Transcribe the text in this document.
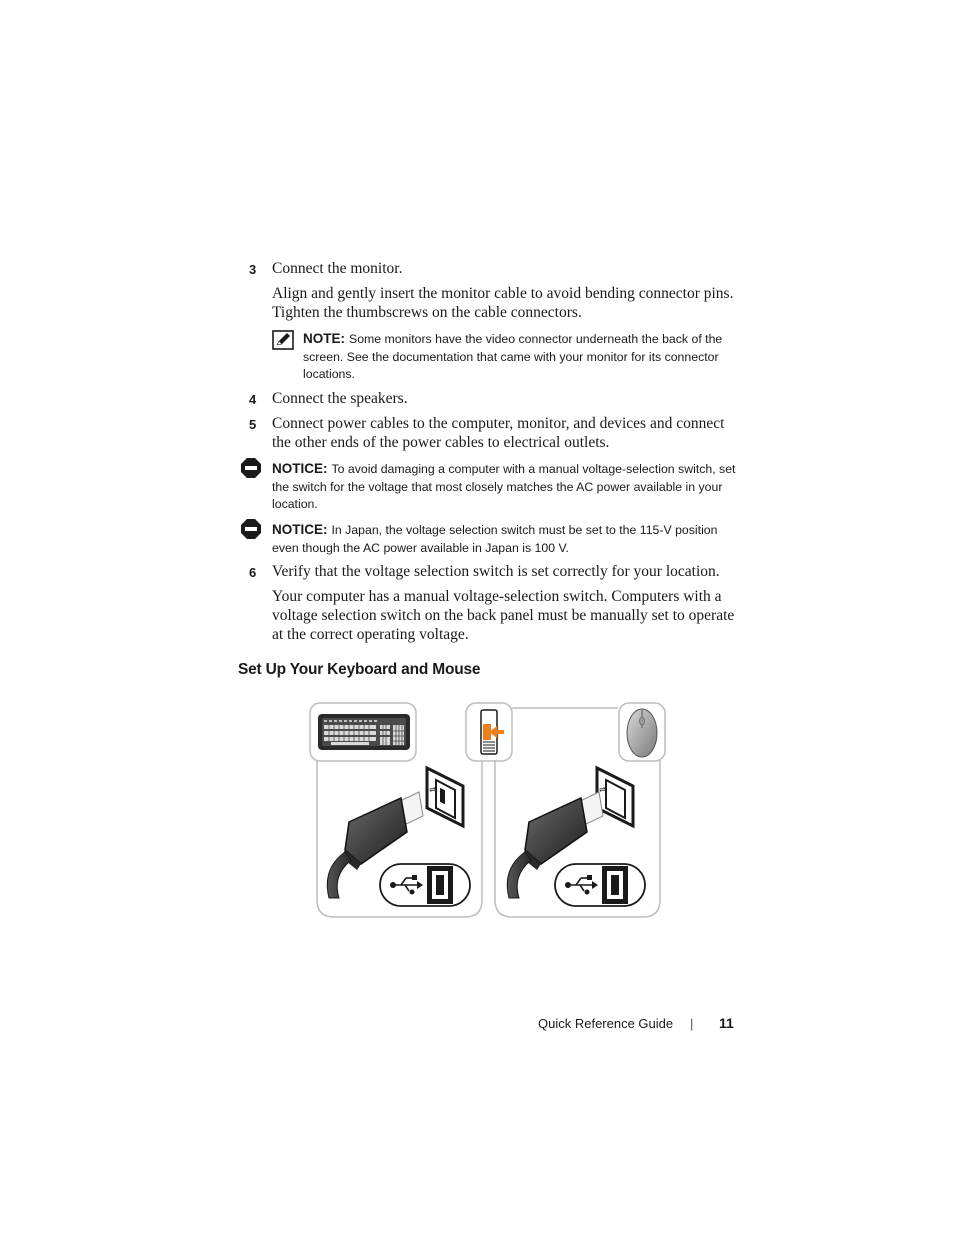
3 Connect the monitor.
Align and gently insert the monitor cable to avoid bending connector pins. Tighten the thumbscrews on the cable connectors.
NOTE: Some monitors have the video connector underneath the back of the screen. See the documentation that came with your monitor for its connector locations.
4 Connect the speakers.
5 Connect power cables to the computer, monitor, and devices and connect the other ends of the power cables to electrical outlets.
NOTICE: To avoid damaging a computer with a manual voltage-selection switch, set the switch for the voltage that most closely matches the AC power available in your location.
NOTICE: In Japan, the voltage selection switch must be set to the 115-V position even though the AC power available in Japan is 100 V.
6 Verify that the voltage selection switch is set correctly for your location.
Your computer has a manual voltage-selection switch. Computers with a voltage selection switch on the back panel must be manually set to operate at the correct operating voltage.
Set Up Your Keyboard and Mouse
⇌	⇌
Quick Reference Guide | 11
